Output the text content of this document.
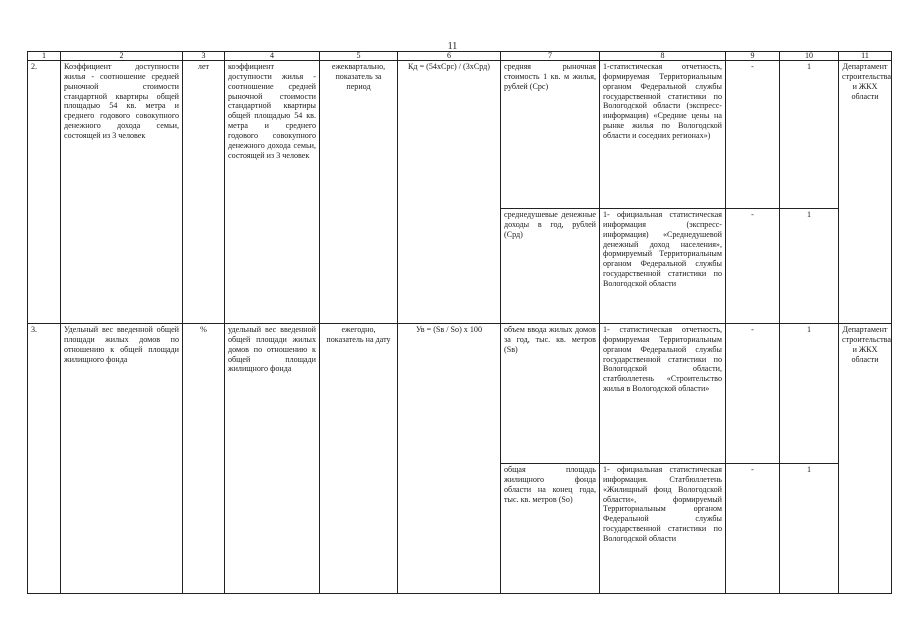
11
1	2	3	4	5	6	7	8	9	10	11
2.	Коэффициент доступности жилья - соотношение средней рыночной стоимости стандартной квартиры общей площадью 54 кв. метра и среднего годового совокупного денежного дохода семьи, состоящей из 3 человек	лет	коэффициент доступности жилья - соотношение средней рыночной стоимости стандартной квартиры общей площадью 54 кв. метра и среднего годового совокупного денежного дохода семьи, состоящей из 3 человек	ежеквартально, показатель за период	Кд = (54хСрс) / (3хСрд)	средняя рыночная стоимость 1 кв. м жилья, рублей (Срс)	1-статистическая отчетность, формируемая Территориальным органом Федеральной службы государственной статистики по Вологодской области (экспресс-информация) «Средние цены на рынке жилья по Вологодской области и соседних регионах»)	-	1	Департамент строительства и ЖКХ области
						среднедушевые денежные доходы в год, рублей (Срд)	1- официальная статистическая информация (экспресс-информация) «Среднедушевой денежный доход населения», формируемый Территориальным органом Федеральной службы государственной статистики по Вологодской области	-	1	
3.	Удельный вес введенной общей площади жилых домов по отношению к общей площади жилищного фонда	%	удельный вес введенной общей площади жилых домов по отношению к общей площади жилищного фонда	ежегодно, показатель на дату	Ув = (Sв / Sо) х 100	объем ввода жилых домов за год, тыс. кв. метров (Sв)	1- статистическая отчетность, формируемая Территориальным органом Федеральной службы государственной статистики по Вологодской области, статбюллетень «Строительство жилья в Вологодской области»	-	1	Департамент строительства и ЖКХ области
						общая площадь жилищного фонда области на конец года, тыс. кв. метров (Sо)	1- официальная статистическая информация. Статбюллетень «Жилищный фонд Вологодской области», формируемый Территориальным органом Федеральной службы государственной статистики по Вологодской области	-	1	
